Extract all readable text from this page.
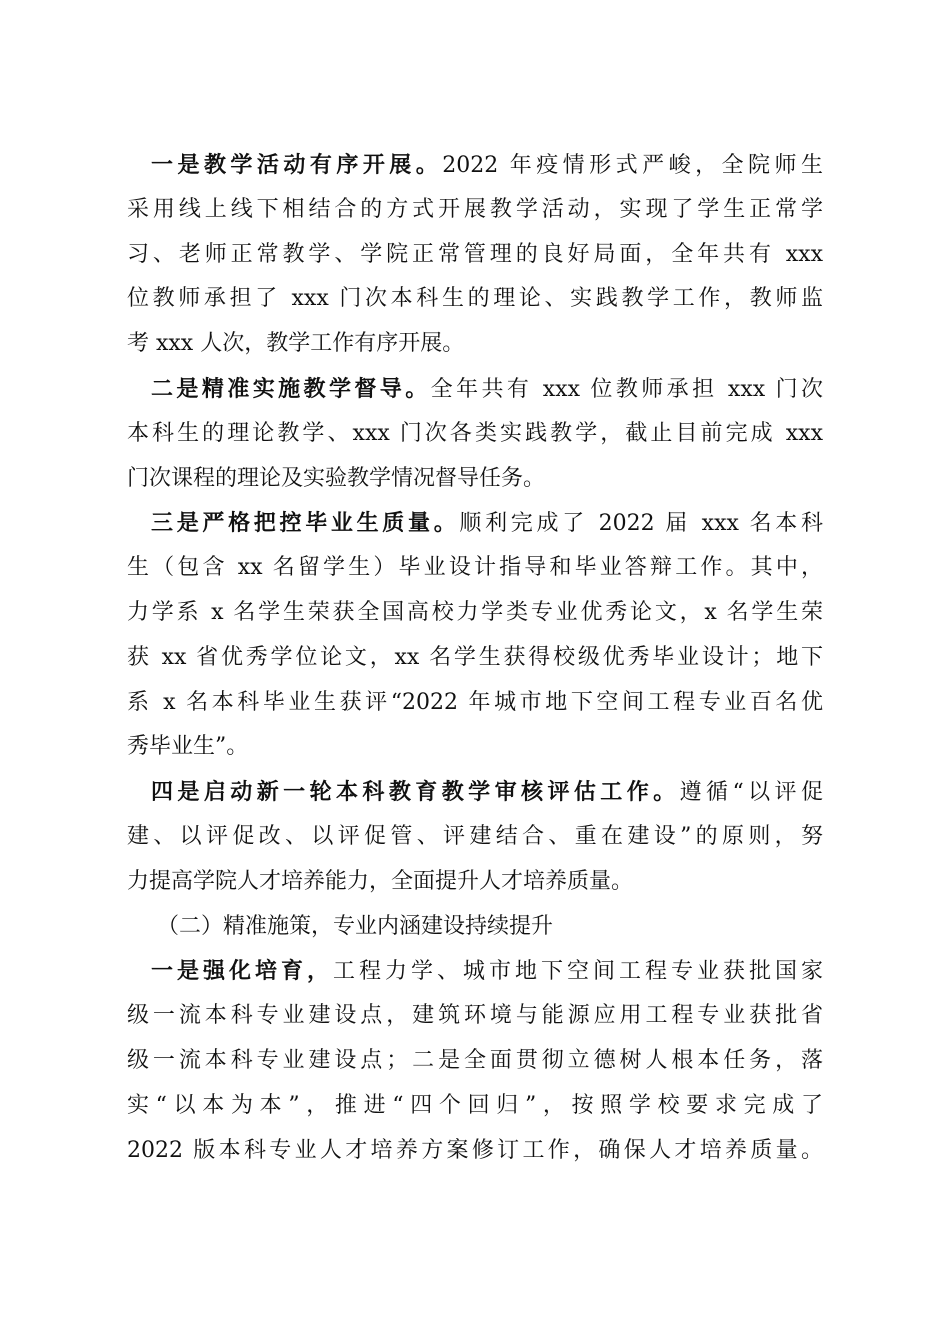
一是教学活动有序开展。2022 年疫情形式严峻，全院师生
采用线上线下相结合的方式开展教学活动，实现了学生正常学
习、老师正常教学、学院正常管理的良好局面，全年共有 xxx
位教师承担了 xxx 门次本科生的理论、实践教学工作，教师监
考 xxx 人次，教学工作有序开展。
二是精准实施教学督导。全年共有 xxx 位教师承担 xxx 门次
本科生的理论教学、xxx 门次各类实践教学，截止目前完成 xxx
门次课程的理论及实验教学情况督导任务。
三是严格把控毕业生质量。顺利完成了 2022 届 xxx 名本科
生（包含 xx 名留学生）毕业设计指导和毕业答辩工作。其中，
力学系 x 名学生荣获全国高校力学类专业优秀论文，x 名学生荣
获 xx 省优秀学位论文，xx 名学生获得校级优秀毕业设计；地下
系 x 名本科毕业生获评“2022 年城市地下空间工程专业百名优
秀毕业生”。
四是启动新一轮本科教育教学审核评估工作。遵循“以评促
建、以评促改、以评促管、评建结合、重在建设”的原则，努
力提高学院人才培养能力，全面提升人才培养质量。
（二）精准施策，专业内涵建设持续提升
一是强化培育，工程力学、城市地下空间工程专业获批国家
级一流本科专业建设点，建筑环境与能源应用工程专业获批省
级一流本科专业建设点；二是全面贯彻立德树人根本任务，落
实“以本为本”，推进“四个回归”，按照学校要求完成了
2022 版本科专业人才培养方案修订工作，确保人才培养质量。
